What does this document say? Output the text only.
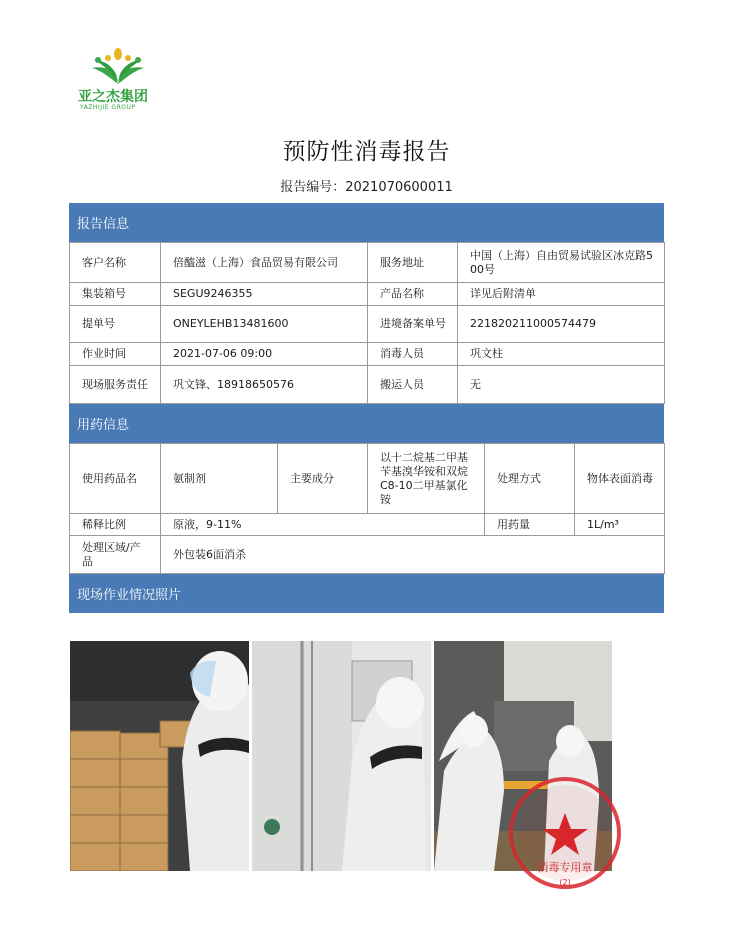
亚之杰集团
YAZHIJIE GROUP
预防性消毒报告
报告编号：2021070600011
报告信息
客户名称	倍醯滋（上海）食品贸易有限公司	服务地址	中国（上海）自由贸易试验区冰克路500号
集装箱号	SEGU9246355	产品名称	详见后附清单
提单号	ONEYLEHB13481600	进境备案单号	221820211000574479
作业时间	2021-07-06 09:00	消毒人员	巩文柱
现场服务责任	巩文锋、18918650576	搬运人员	无
用药信息
使用药品名	氨制剂	主要成分	以十二烷基二甲基苄基溴华铵和双烷C8-10二甲基氯化铵	处理方式	物体表面消毒
稀释比例	原液，9-11%			用药量	1L/m³
处理区域/产品	外包装6面消杀				
现场作业情况照片
消毒专用章
(2)
